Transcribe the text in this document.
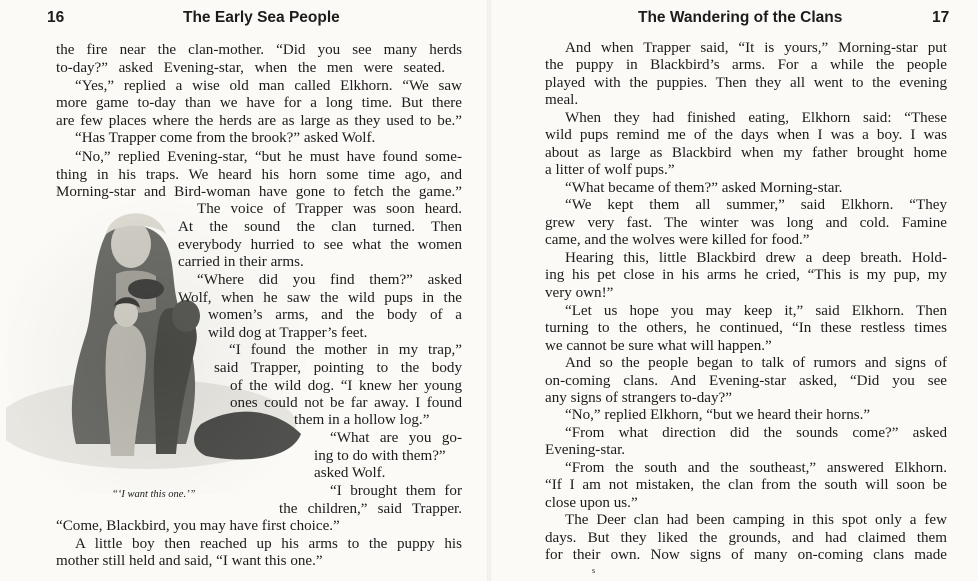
16	The Early Sea People
“‘I want this one.’”
the fire near the clan-mother. “Did you see many herds
to-day?” asked Evening-star, when the men were seated.
“Yes,” replied a wise old man called Elkhorn. “We saw
more game to-day than we have for a long time. But there
are few places where the herds are as large as they used to be.”
“Has Trapper come from the brook?” asked Wolf.
“No,” replied Evening-star, “but he must have found some-
thing in his traps. We heard his horn some time ago, and
Morning-star and Bird-woman have gone to fetch the game.”
The voice of Trapper was soon heard.
At the sound the clan turned. Then
everybody hurried to see what the women
carried in their arms.
“Where did you find them?” asked
Wolf, when he saw the wild pups in the
women’s arms, and the body of a
wild dog at Trapper’s feet.
“I found the mother in my trap,”
said Trapper, pointing to the body
of the wild dog. “I knew her young
ones could not be far away. I found
them in a hollow log.”
“What are you go-
ing to do with them?”
asked Wolf.
“I brought them for
the children,” said Trapper.
“Come, Blackbird, you may have first choice.”
A little boy then reached up his arms to the puppy his
mother still held and said, “I want this one.”
The Wandering of the Clans	17
And when Trapper said, “It is yours,” Morning-star put
the puppy in Blackbird’s arms. For a while the people
played with the puppies. Then they all went to the evening
meal.
When they had finished eating, Elkhorn said: “These
wild pups remind me of the days when I was a boy. I was
about as large as Blackbird when my father brought home
a litter of wolf pups.”
“What became of them?” asked Morning-star.
“We kept them all summer,” said Elkhorn. “They
grew very fast. The winter was long and cold. Famine
came, and the wolves were killed for food.”
Hearing this, little Blackbird drew a deep breath. Hold-
ing his pet close in his arms he cried, “This is my pup, my
very own!”
“Let us hope you may keep it,” said Elkhorn. Then
turning to the others, he continued, “In these restless times
we cannot be sure what will happen.”
And so the people began to talk of rumors and signs of
on-coming clans. And Evening-star asked, “Did you see
any signs of strangers to-day?”
“No,” replied Elkhorn, “but we heard their horns.”
“From what direction did the sounds come?” asked
Evening-star.
“From the south and the southeast,” answered Elkhorn.
“If I am not mistaken, the clan from the south will soon be
close upon us.”
The Deer clan had been camping in this spot only a few
days. But they liked the grounds, and had claimed them
for their own. Now signs of many on-coming clans made
s
